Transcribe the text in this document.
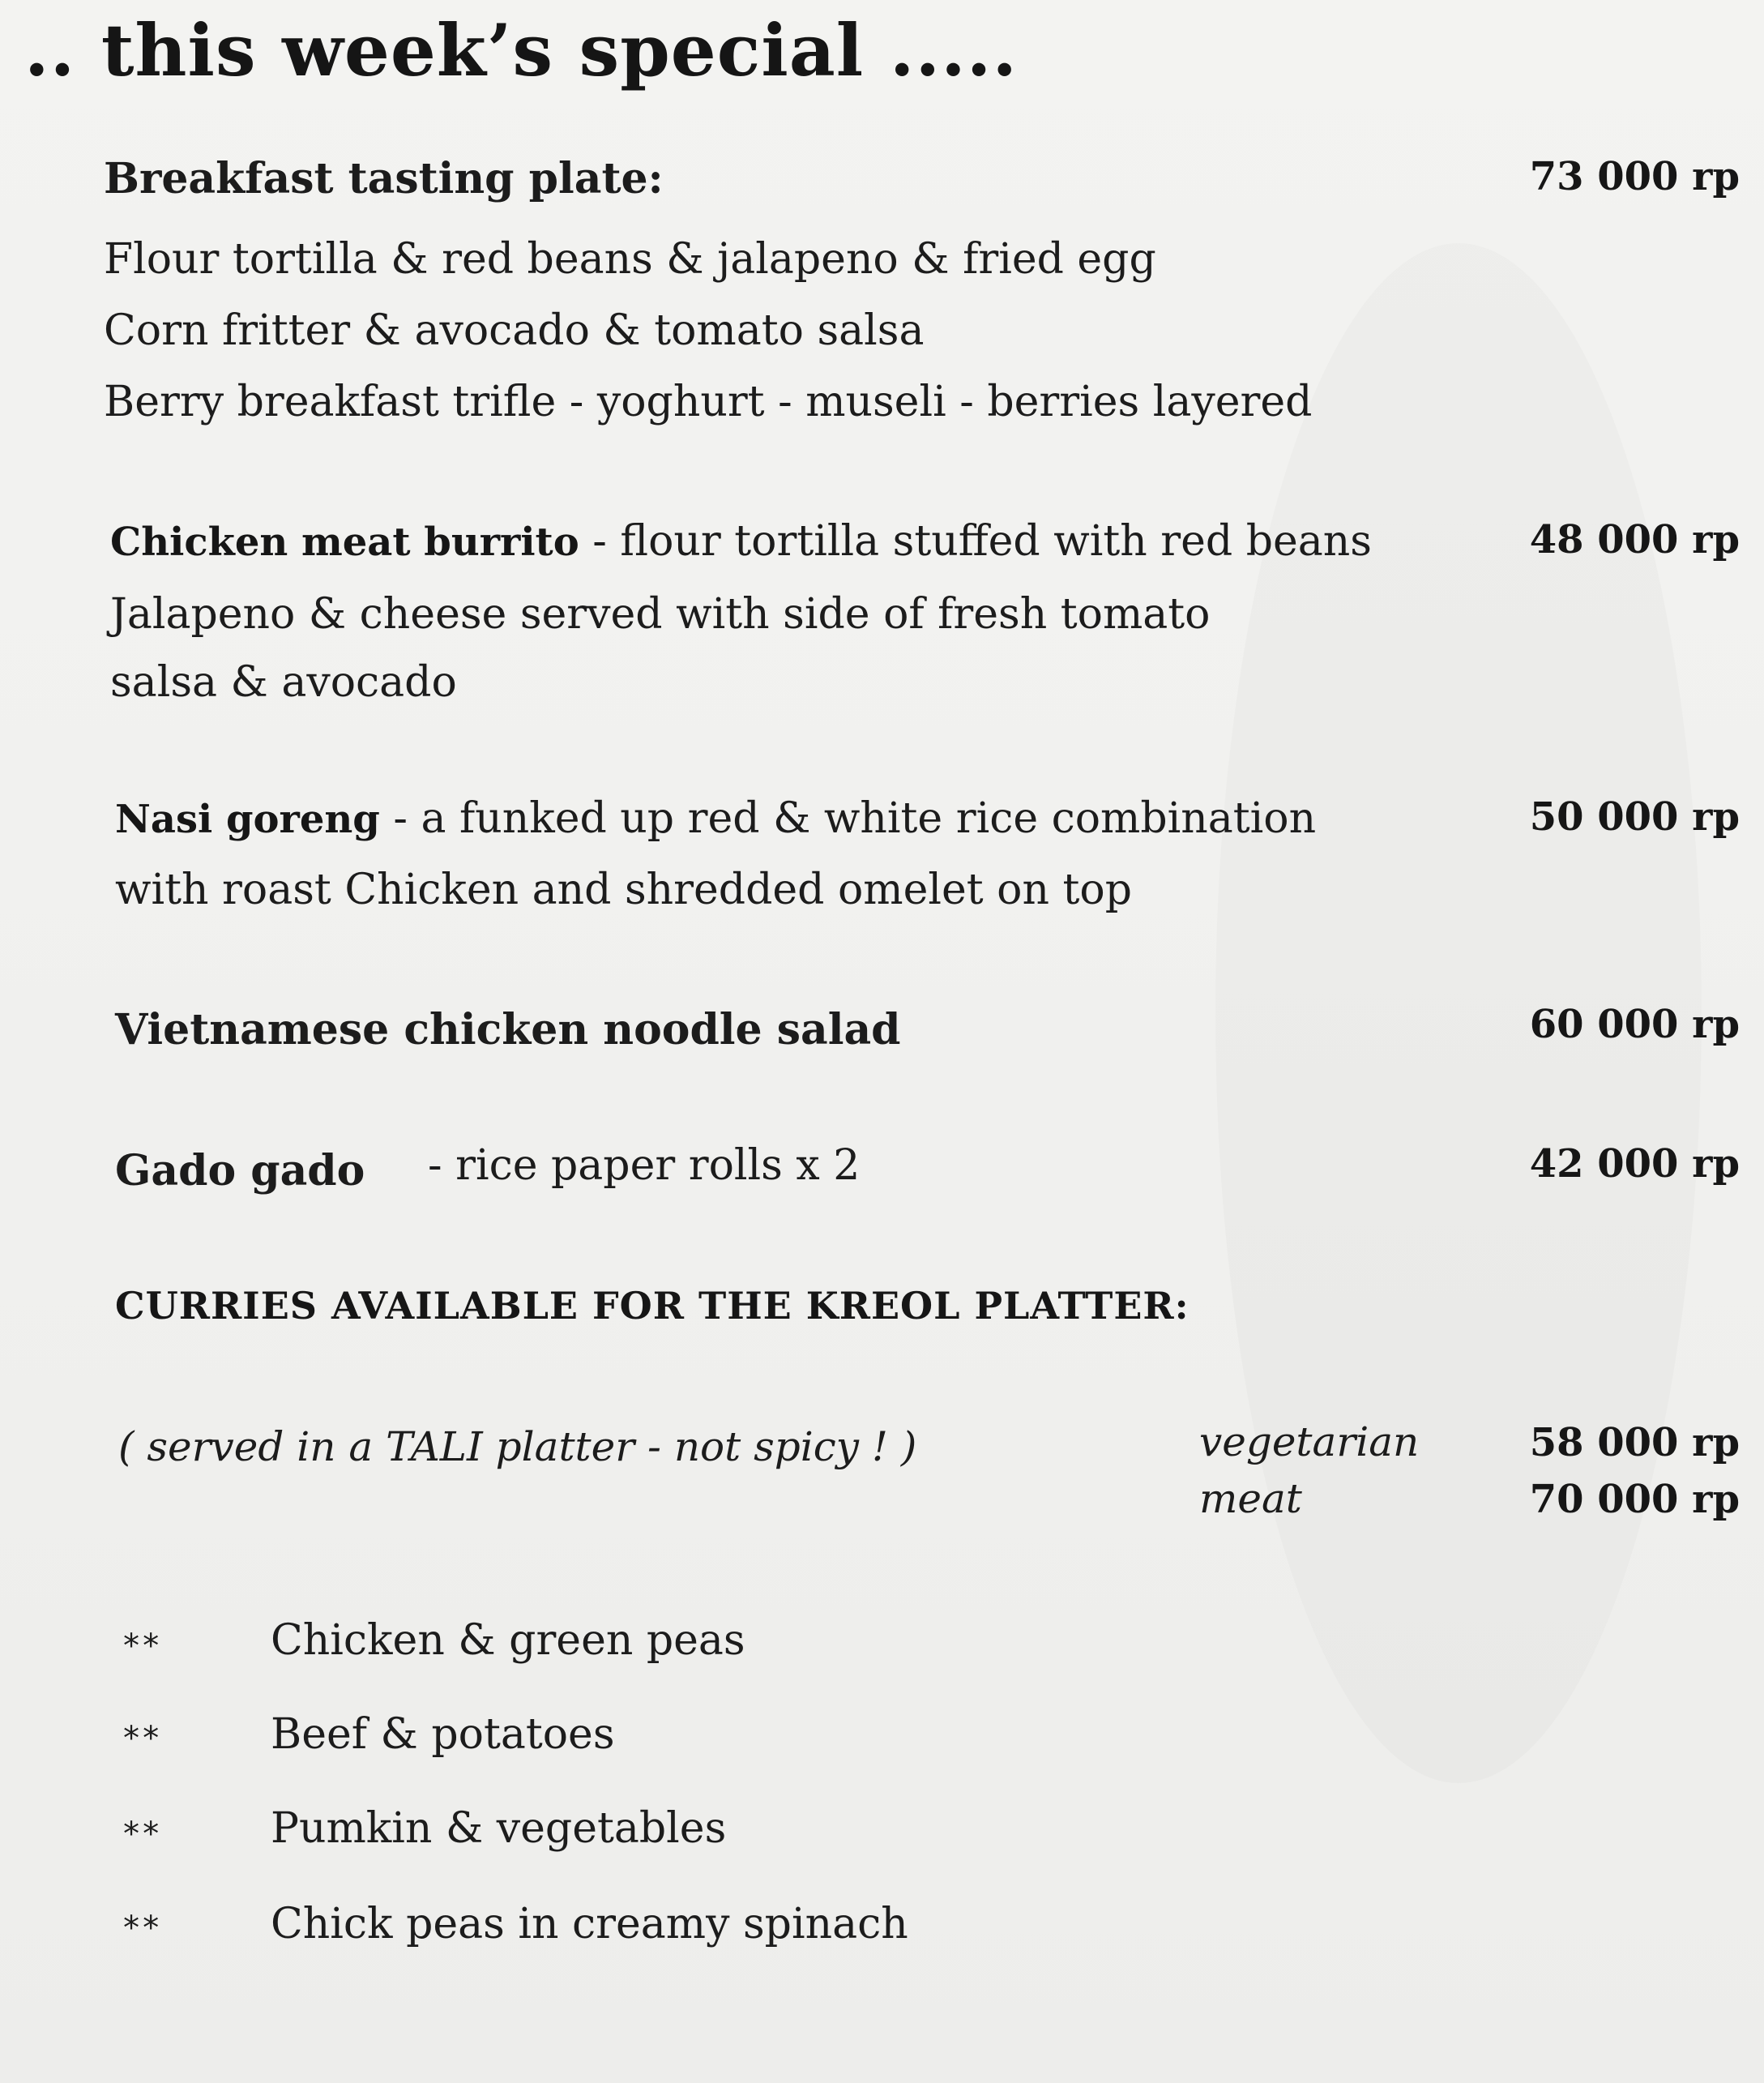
.. this week’s special .....
Breakfast tasting plate:	73 000 rp
Flour tortilla & red beans & jalapeno & fried egg
Corn fritter & avocado & tomato salsa
Berry breakfast trifle - yoghurt - museli - berries layered
Chicken meat burrito - flour tortilla stuffed with red beans	48 000 rp
Jalapeno & cheese served with side of fresh tomato
salsa & avocado
Nasi goreng - a funked up red & white rice combination	50 000 rp
with roast Chicken and shredded omelet on top
Vietnamese chicken noodle salad	60 000 rp
Gado gado - rice paper rolls x 2	42 000 rp
CURRIES AVAILABLE FOR THE KREOL PLATTER:
( served in a TALI platter - not spicy ! )	vegetarian	58 000 rp
meat	70 000 rp
**	Chicken & green peas
**	Beef & potatoes
**	Pumkin & vegetables
**	Chick peas in creamy spinach
